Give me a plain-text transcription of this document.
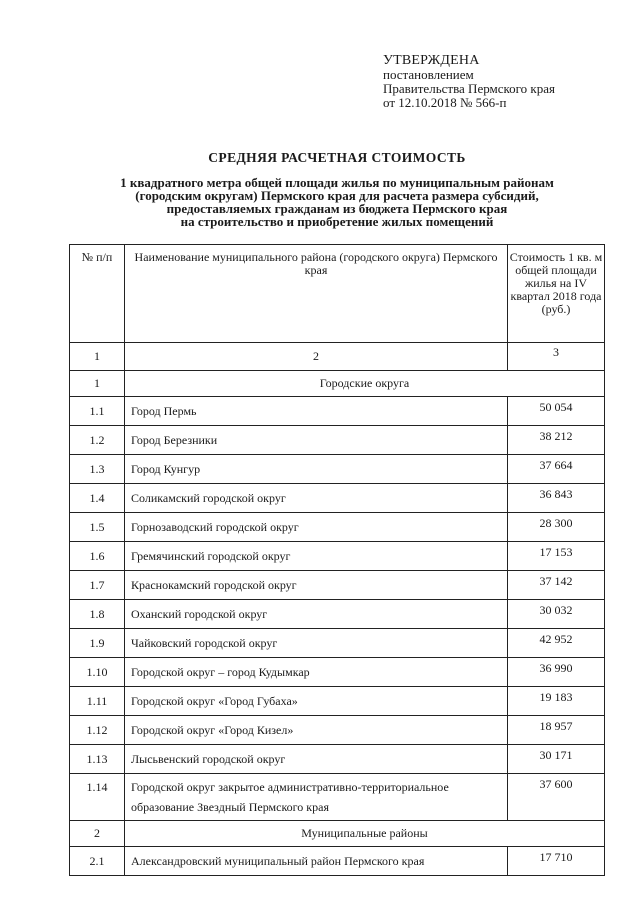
УТВЕРЖДЕНА
постановлением
Правительства Пермского края
от 12.10.2018 № 566-п
СРЕДНЯЯ РАСЧЕТНАЯ СТОИМОСТЬ
1 квадратного метра общей площади жилья по муниципальным районам
(городским округам) Пермского края для расчета размера субсидий,
предоставляемых гражданам из бюджета Пермского края
на строительство и приобретение жилых помещений
№ п/п	Наименование муниципального района (городского округа) Пермского края	Стоимость 1 кв. м общей площади жилья на IV квартал 2018 года (руб.)
1	2	3
1	Городские округа	
1.1	Город Пермь	50 054
1.2	Город Березники	38 212
1.3	Город Кунгур	37 664
1.4	Соликамский городской округ	36 843
1.5	Горнозаводский городской округ	28 300
1.6	Гремячинский городской округ	17 153
1.7	Краснокамский городской округ	37 142
1.8	Оханский городской округ	30 032
1.9	Чайковский городской округ	42 952
1.10	Городской округ – город Кудымкар	36 990
1.11	Городской округ «Город Губаха»	19 183
1.12	Городской округ «Город Кизел»	18 957
1.13	Лысьвенский городской округ	30 171
1.14	Городской округ закрытое административно-территориальное образование Звездный Пермского края	37 600
2	Муниципальные районы	
2.1	Александровский муниципальный район Пермского края	17 710
